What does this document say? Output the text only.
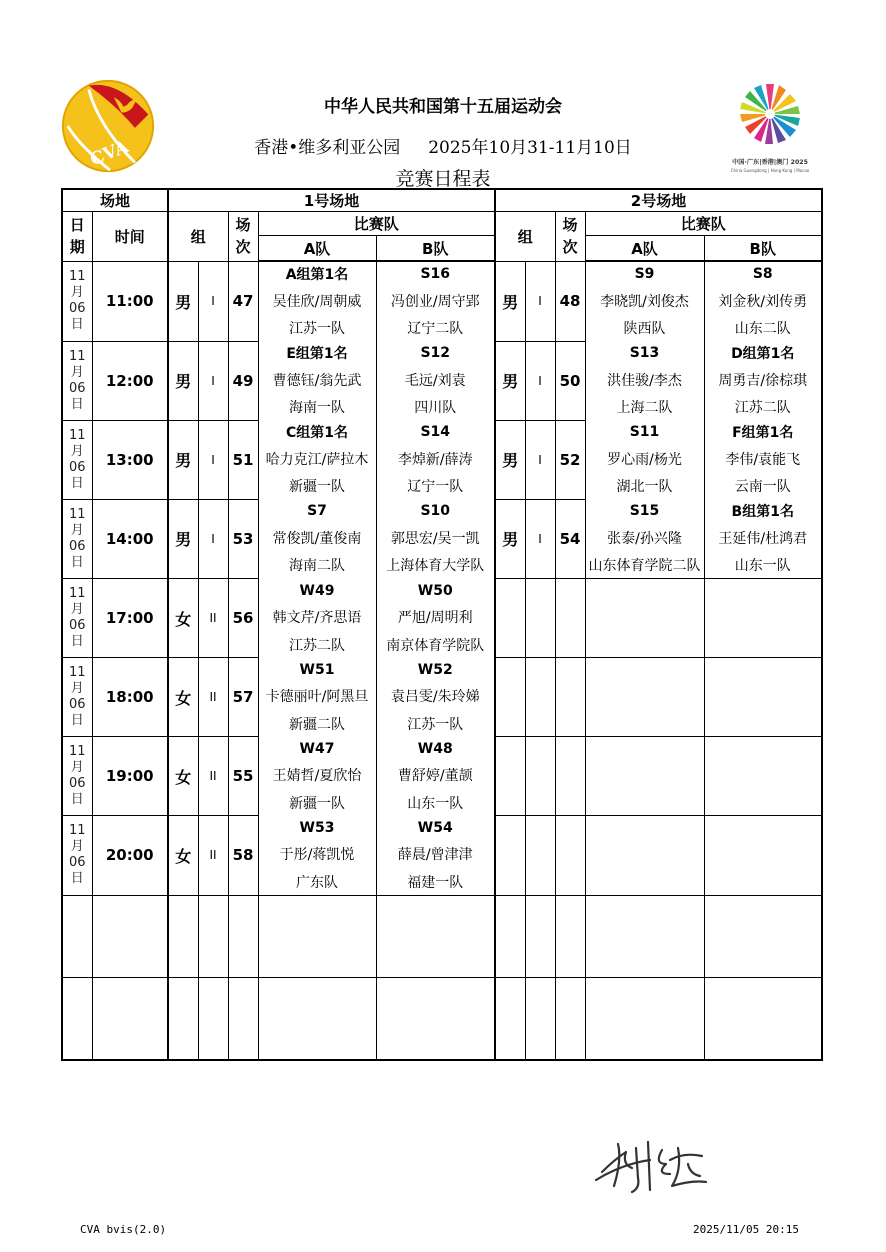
CVA	中国·广东|香港|澳门 2025
China Guangdong | Hong Kong | Macao
中华人民共和国第十五届运动会
香港•维多利亚公园 2025年10月31-11月10日
竞赛日程表
场地		1号场地					2号场地				
日
期	时间	组		场
次	比赛队		组		场
次	比赛队	
					A队	B队				A队	B队
11
月
06
日	11:00	男	I	47	A组第1名	S16	男	I	48	S9	S8
					吴佳欣/周朝威	冯创业/周守郢				李晓凯/刘俊杰	刘金秋/刘传勇
					江苏一队	辽宁二队				陕西队	山东二队
11
月
06
日	12:00	男	I	49	E组第1名	S12	男	I	50	S13	D组第1名
					曹德钰/翁先武	毛远/刘袁				洪佳骏/李杰	周勇吉/徐棕琪
					海南一队	四川队				上海二队	江苏二队
11
月
06
日	13:00	男	I	51	C组第1名	S14	男	I	52	S11	F组第1名
					哈力克江/萨拉木	李焯新/薛涛				罗心雨/杨光	李伟/袁能飞
					新疆一队	辽宁一队				湖北一队	云南一队
11
月
06
日	14:00	男	I	53	S7	S10	男	I	54	S15	B组第1名
					常俊凯/董俊南	郭思宏/吴一凯				张泰/孙兴隆	王延伟/杜鸿君
					海南二队	上海体育大学队				山东体育学院二队	山东一队
11
月
06
日	17:00	女	II	56	W49	W50					
					韩文芹/齐思语	严旭/周明利					
					江苏二队	南京体育学院队					
11
月
06
日	18:00	女	II	57	W51	W52					
					卡德丽叶/阿黑旦	袁吕雯/朱玲娣					
					新疆二队	江苏一队					
11
月
06
日	19:00	女	II	55	W47	W48					
					王婧哲/夏欣怡	曹舒婷/董颉					
					新疆一队	山东一队					
11
月
06
日	20:00	女	II	58	W53	W54					
					于彤/蒋凯悦	薛晨/曾津津					
					广东队	福建一队					

CVA bvis(2.0)	2025/11/05 20:15
